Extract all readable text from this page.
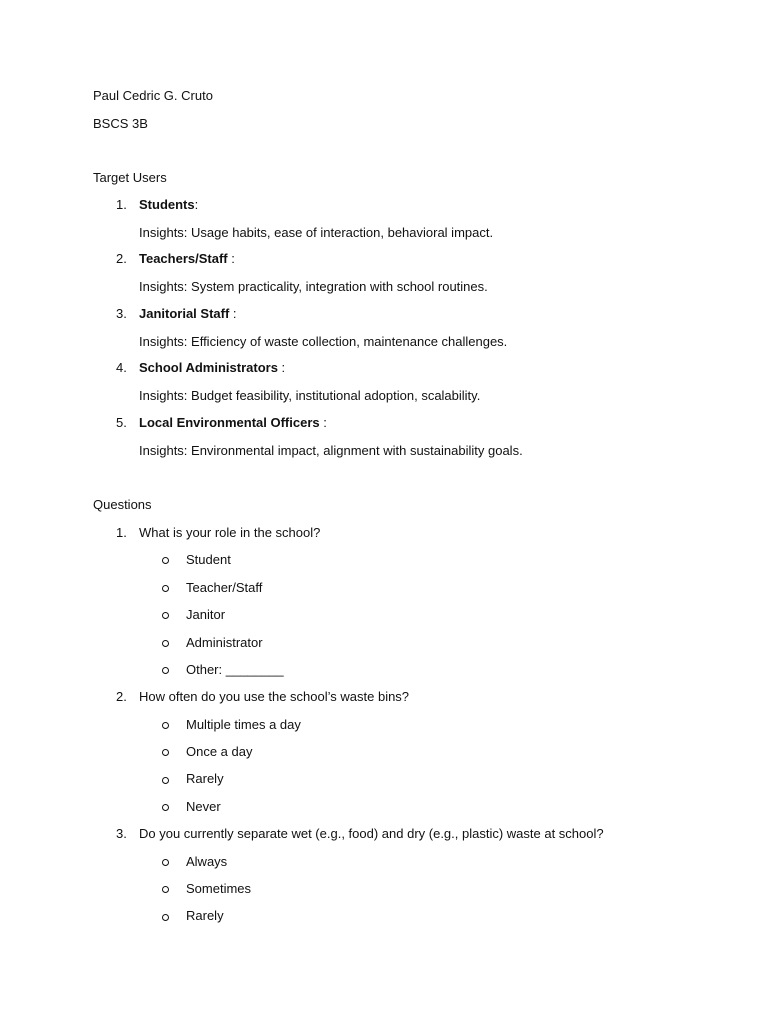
Paul Cedric G. Cruto
BSCS 3B
Target Users
1. Students:
Insights: Usage habits, ease of interaction, behavioral impact.
2. Teachers/Staff :
Insights: System practicality, integration with school routines.
3. Janitorial Staff :
Insights: Efficiency of waste collection, maintenance challenges.
4. School Administrators :
Insights: Budget feasibility, institutional adoption, scalability.
5. Local Environmental Officers :
Insights: Environmental impact, alignment with sustainability goals.
Questions
1. What is your role in the school?
Student
Teacher/Staff
Janitor
Administrator
Other: ________
2. How often do you use the school’s waste bins?
Multiple times a day
Once a day
Rarely
Never
3. Do you currently separate wet (e.g., food) and dry (e.g., plastic) waste at school?
Always
Sometimes
Rarely
